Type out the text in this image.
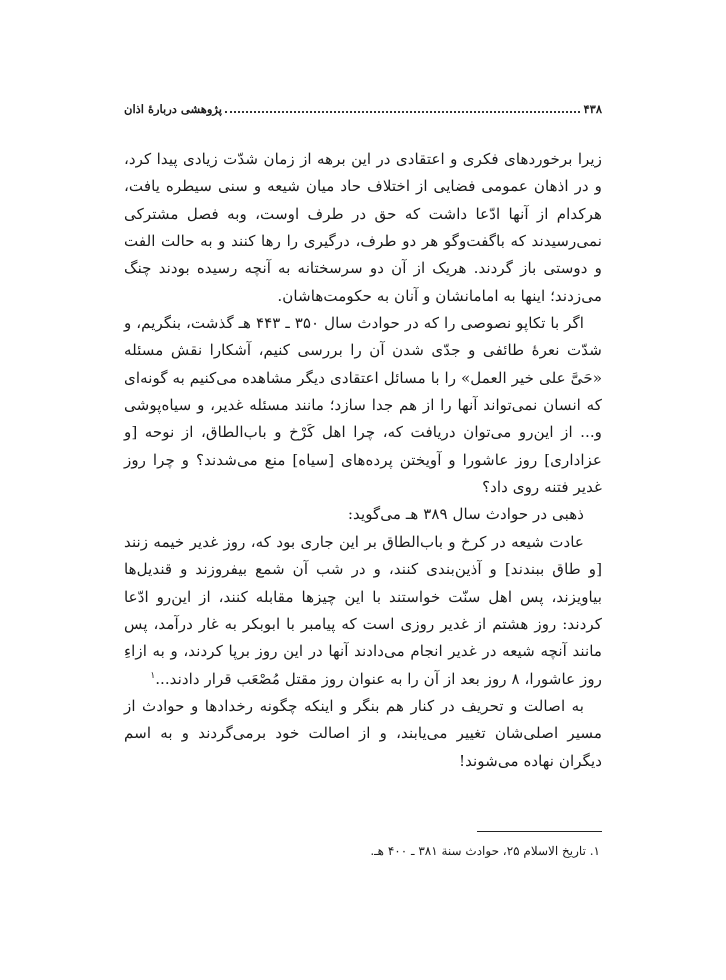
۴۳۸
پژوهشی دربارهٔ اذان

زیرا برخوردهای فکری و اعتقادی در این برهه از زمان شدّت زیادی پیدا کرد، و در اذهان عمومی فضایی از اختلاف حاد میان شیعه و سنی سیطره یافت، هرکدام از آنها ادّعا داشت که حق در طرف اوست، وبه فصل مشترکی نمی‌رسیدند که باگفت‌وگو هر دو طرف، درگیری را رها کنند و به حالت الفت و دوستی باز گردند. هریک از آن دو سرسختانه به آنچه رسیده بودند چنگ می‌زدند؛ اینها به امامانشان و آنان به حکومت‌هاشان.

اگر با تکاپو نصوصی را که در حوادث سال ۳۵۰ ـ ۴۴۳ هـ گذشت، بنگریم، و شدّت نعرهٔ طائفی و جدّی شدن آن را بررسی کنیم، آشکارا نقش مسئله «حَیَّ علی خیر العمل» را با مسائل اعتقادی دیگر مشاهده می‌کنیم به گونه‌ای که انسان نمی‌تواند آنها را از هم جدا سازد؛ مانند مسئله غدیر، و سیاه‌پوشی و... از این‌رو می‌توان دریافت که، چرا اهل کَرْخ و باب‌الطاق، از نوحه [و عزاداری] روز عاشورا و آویختن پرده‌های [سیاه] منع می‌شدند؟ و چرا روز غدیر فتنه روی داد؟

ذهبی در حوادث سال ۳۸۹ هـ می‌گوید:

عادت شیعه در کرخ و باب‌الطاق بر این جاری بود که، روز غدیر خیمه زنند [و طاق ببندند] و آذین‌بندی کنند، و در شب آن شمع بیفروزند و قندیل‌ها بیاویزند، پس اهل سنّت خواستند با این چیزها مقابله کنند، از این‌رو ادّعا کردند: روز هشتم از غدیر روزی است که پیامبر با ابوبکر به غار درآمد، پس مانند آنچه شیعه در غدیر انجام می‌دادند آنها در این روز برپا کردند، و به ازاءِ روز عاشورا، ۸ روز بعد از آن را به عنوان روز مقتل مُصْعَب قرار دادند...$^۱$

به اصالت و تحریف در کنار هم بنگر و اینکه چگونه رخدادها و حوادث از مسیر اصلی‌شان تغییر می‌یابند، و از اصالت خود برمی‌گردند و به اسم دیگران نهاده می‌شوند!

۱. تاریخ الاسلام ۲۵، حوادث سنة ۳۸۱ ـ ۴۰۰ هـ.
